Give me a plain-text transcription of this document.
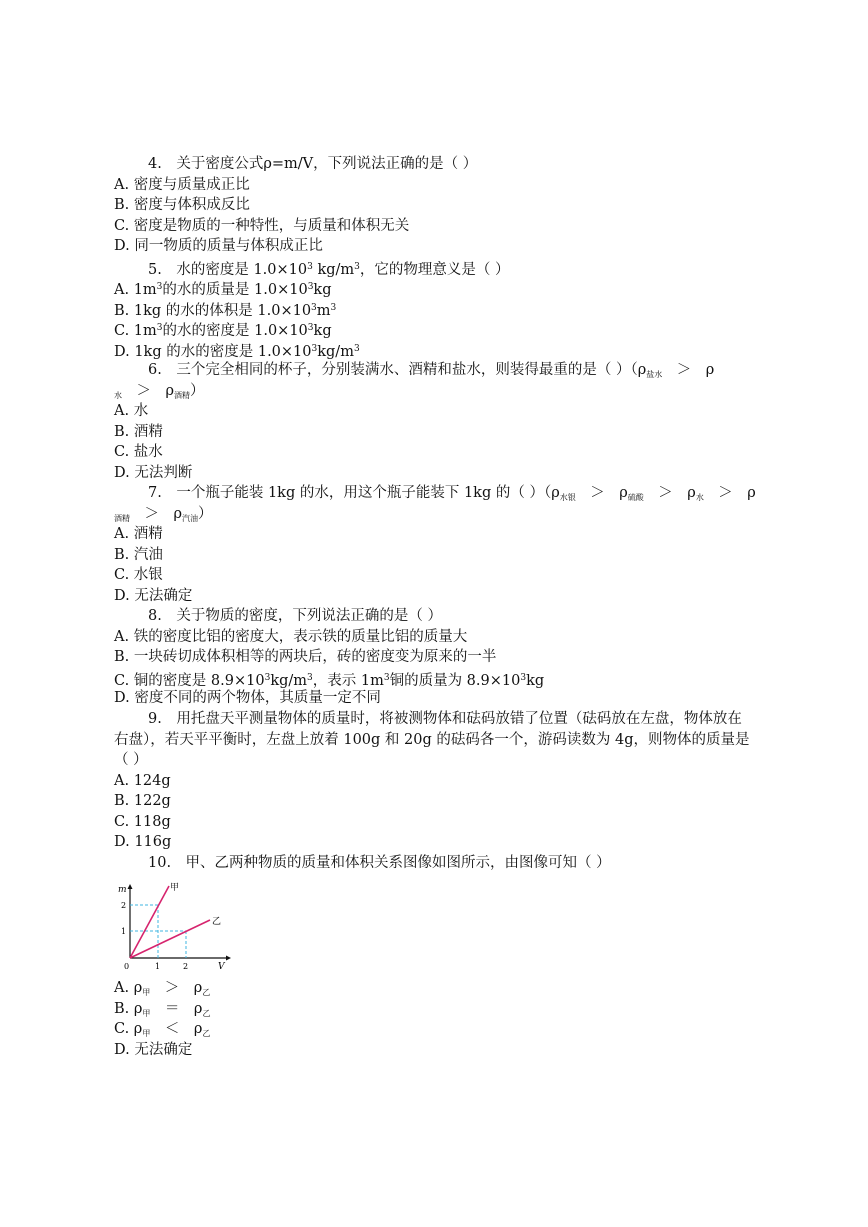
4.　关于密度公式ρ=m/V，下列说法正确的是（ ）
A. 密度与质量成正比
B. 密度与体积成反比
C. 密度是物质的一种特性，与质量和体积无关
D. 同一物质的质量与体积成正比
5.　水的密度是 $1.0\times 10^3$ $kg/m^3$，它的物理意义是（ ）
A. $1m^3$的水的质量是 $1.0\times 10^3kg$
B. 1kg 的水的体积是 $1.0\times 10^3m^3$
C. $1m^3$的水的密度是 $1.0\times 10^3kg$
D. 1kg 的水的密度是 $1.0\times 10^3kg/m^3$
6.　三个完全相同的杯子，分别装满水、酒精和盐水，则装得最重的是（ ）（$\rho_{盐水}$　＞　ρ
$_水$　＞　$\rho_{酒精}$）
A. 水
B. 酒精
C. 盐水
D. 无法判断
7.　一个瓶子能装 1kg 的水，用这个瓶子能装下 1kg 的（ ）（$\rho_{水银}$　＞　$\rho_{硫酸}$　＞　$\rho_水$　＞　ρ
$_{酒精}$　＞　$\rho_{汽油}$）
A. 酒精
B. 汽油
C. 水银
D. 无法确定
8.　关于物质的密度，下列说法正确的是（ ）
A. 铁的密度比铝的密度大，表示铁的质量比铝的质量大
B. 一块砖切成体积相等的两块后，砖的密度变为原来的一半
C. 铜的密度是 $8.9\times 10^3kg/m^3$，表示 $1m^3$铜的质量为 $8.9\times 10^3kg$
D. 密度不同的两个物体，其质量一定不同
9.　用托盘天平测量物体的质量时，将被测物体和砝码放错了位置（砝码放在左盘，物体放在右盘），若天平平衡时，左盘上放着 100g 和 20g 的砝码各一个，游码读数为 4g，则物体的质量是（ ）
A. 124g
B. 122g
C. 118g
D. 116g
10.　甲、乙两种物质的质量和体积关系图像如图所示，由图像可知（ ）
m
V
0	1	2
1
2
甲
乙
A. $\rho_甲$　＞　$\rho_乙$
B. $\rho_甲$　＝　$\rho_乙$
C. $\rho_甲$　＜　$\rho_乙$
D. 无法确定
